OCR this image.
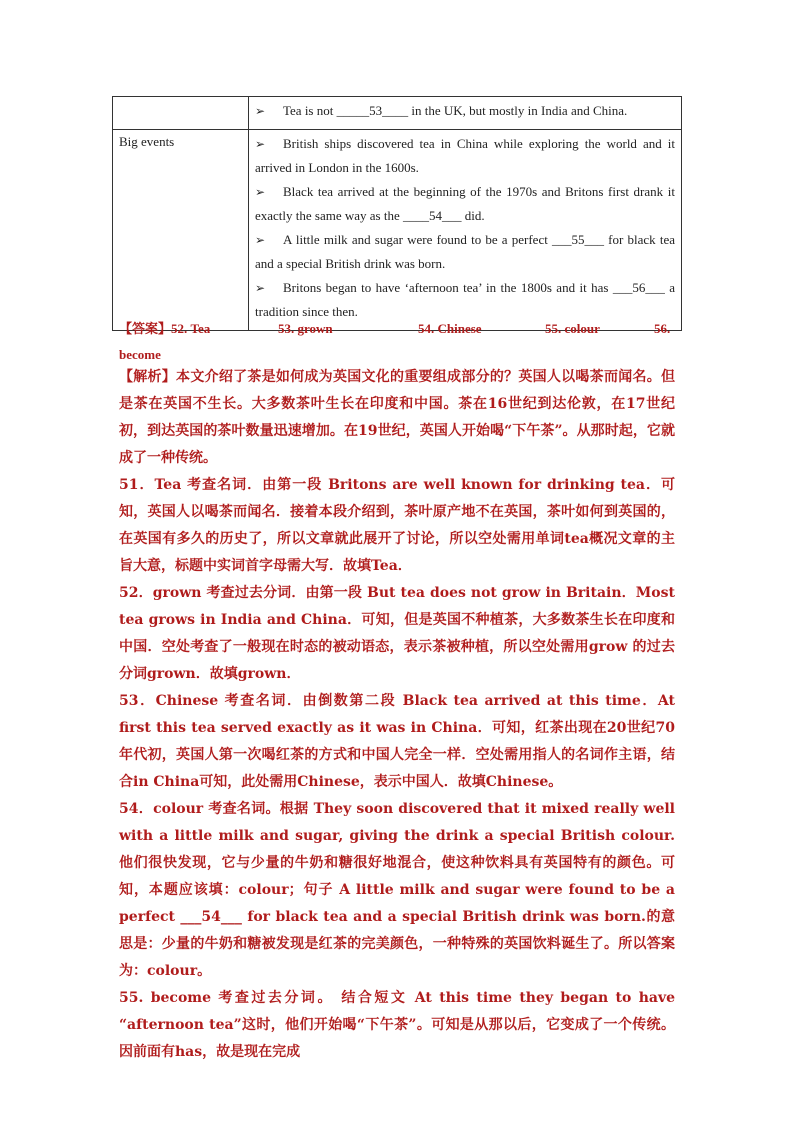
	➢ Tea is not _____53____ in the UK, but mostly in India and China.

Big events	➢ British ships discovered tea in China while exploring the world and it arrived in London in the 1600s.
➢ Black tea arrived at the beginning of the 1970s and Britons first drank it exactly the same way as the ____54___ did.
➢ A little milk and sugar were found to be a perfect ___55___ for black tea and a special British drink was born.
➢ Britons began to have ‘afternoon tea’ in the 1800s and it has ___56___ a tradition since then.
【答案】52. Tea	53. grown	54. Chinese	55. colour	56.
become

【解析】本文介绍了茶是如何成为英国文化的重要组成部分的？英国人以喝茶而闻名。但是茶在英国不生长。大多数茶叶生长在印度和中国。茶在16世纪到达伦敦，在17世纪初，到达英国的茶叶数量迅速增加。在19世纪，英国人开始喝“下午茶”。从那时起，它就成了一种传统。

51．Tea 考查名词．由第一段 Britons are well known for drinking tea．可知，英国人以喝茶而闻名．接着本段介绍到，茶叶原产地不在英国，茶叶如何到英国的，在英国有多久的历史了，所以文章就此展开了讨论，所以空处需用单词tea概况文章的主旨大意，标题中实词首字母需大写．故填Tea．

52．grown 考查过去分词．由第一段 But tea does not grow in Britain．Most tea grows in India and China．可知，但是英国不种植茶，大多数茶生长在印度和中国．空处考查了一般现在时态的被动语态，表示茶被种植，所以空处需用grow 的过去分词grown．故填grown．

53．Chinese 考查名词．由倒数第二段 Black tea arrived at this time．At first this tea served exactly as it was in China．可知，红茶出现在20世纪70年代初，英国人第一次喝红茶的方式和中国人完全一样．空处需用指人的名词作主语，结合in China可知，此处需用Chinese，表示中国人．故填Chinese。

54．colour 考查名词。根据 They soon discovered that it mixed really well with a little milk and sugar, giving the drink a special British colour. 他们很快发现，它与少量的牛奶和糖很好地混合，使这种饮料具有英国特有的颜色。可知，本题应该填：colour；句子 A little milk and sugar were found to be a perfect ___54___ for black tea and a special British drink was born.的意思是：少量的牛奶和糖被发现是红茶的完美颜色，一种特殊的英国饮料诞生了。所以答案为：colour。

55. become 考查过去分词。 结合短文 At this time they began to have “afternoon tea”这时，他们开始喝“下午茶”。可知是从那以后，它变成了一个传统。因前面有has，故是现在完成
